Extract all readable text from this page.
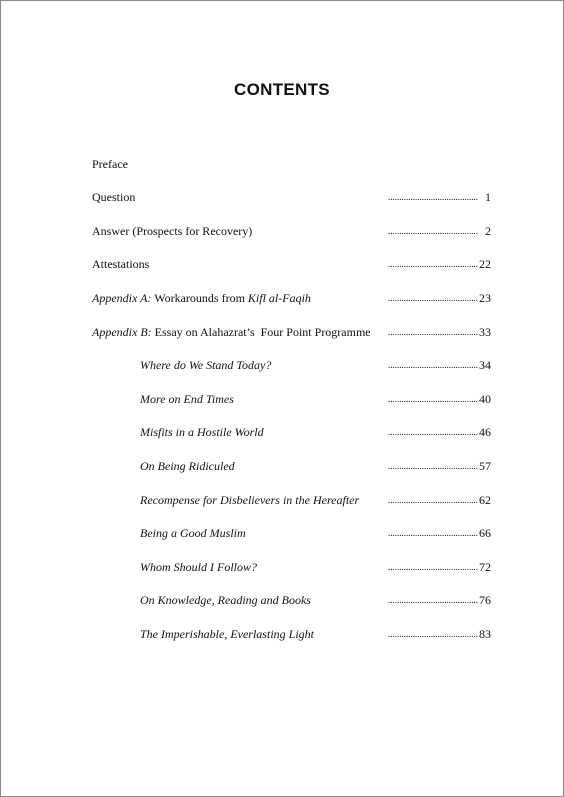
CONTENTS
Preface
Question	........................................ 1
Answer (Prospects for Recovery)	........................................ 2
Attestations	........................................ 22
Appendix A: Workarounds from Kifl al-Faqih	........................................ 23
Appendix B: Essay on Alahazrat’s  Four Point Programme ........................................ 33
Where do We Stand Today?	........................................ 34
More on End Times	........................................ 40
Misfits in a Hostile World	........................................ 46
On Being Ridiculed	........................................ 57
Recompense for Disbelievers in the Hereafter	........................................ 62
Being a Good Muslim	........................................ 66
Whom Should I Follow?	........................................ 72
On Knowledge, Reading and Books	........................................ 76
The Imperishable, Everlasting Light	........................................ 83
